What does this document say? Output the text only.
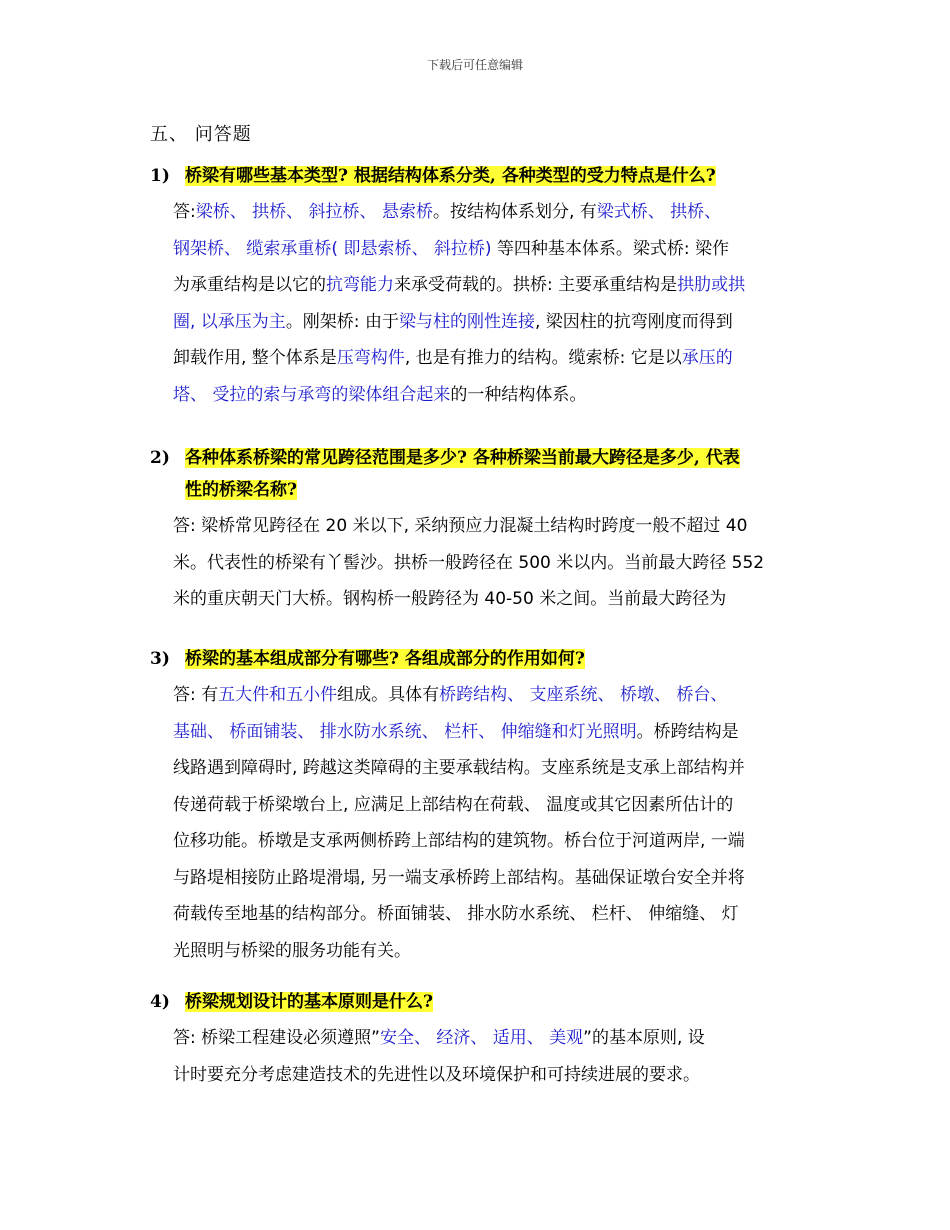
下载后可任意编辑
五、 问答题
1) 桥梁有哪些基本类型? 根据结构体系分类, 各种类型的受力特点是什么?
答:梁桥、 拱桥、 斜拉桥、 悬索桥。按结构体系划分, 有梁式桥、 拱桥、
钢架桥、 缆索承重桥( 即悬索桥、 斜拉桥) 等四种基本体系。梁式桥: 梁作
为承重结构是以它的抗弯能力来承受荷载的。拱桥: 主要承重结构是拱肋或拱
圈, 以承压为主。刚架桥: 由于梁与柱的刚性连接, 梁因柱的抗弯刚度而得到
卸载作用, 整个体系是压弯构件, 也是有推力的结构。缆索桥: 它是以承压的
塔、 受拉的索与承弯的梁体组合起来的一种结构体系。
2) 各种体系桥梁的常见跨径范围是多少? 各种桥梁当前最大跨径是多少, 代表
性的桥梁名称?
答: 梁桥常见跨径在 20 米以下, 采纳预应力混凝土结构时跨度一般不超过 40
米。代表性的桥梁有丫髻沙。拱桥一般跨径在 500 米以内。当前最大跨径 552
米的重庆朝天门大桥。钢构桥一般跨径为 40-50 米之间。当前最大跨径为
3) 桥梁的基本组成部分有哪些? 各组成部分的作用如何?
答: 有五大件和五小件组成。具体有桥跨结构、 支座系统、 桥墩、 桥台、
基础、 桥面铺装、 排水防水系统、 栏杆、 伸缩缝和灯光照明。桥跨结构是
线路遇到障碍时, 跨越这类障碍的主要承载结构。支座系统是支承上部结构并
传递荷载于桥梁墩台上, 应满足上部结构在荷载、 温度或其它因素所估计的
位移功能。桥墩是支承两侧桥跨上部结构的建筑物。桥台位于河道两岸, 一端
与路堤相接防止路堤滑塌, 另一端支承桥跨上部结构。基础保证墩台安全并将
荷载传至地基的结构部分。桥面铺装、 排水防水系统、 栏杆、 伸缩缝、 灯
光照明与桥梁的服务功能有关。
4) 桥梁规划设计的基本原则是什么?
答: 桥梁工程建设必须遵照”安全、 经济、 适用、 美观”的基本原则, 设
计时要充分考虑建造技术的先进性以及环境保护和可持续进展的要求。
